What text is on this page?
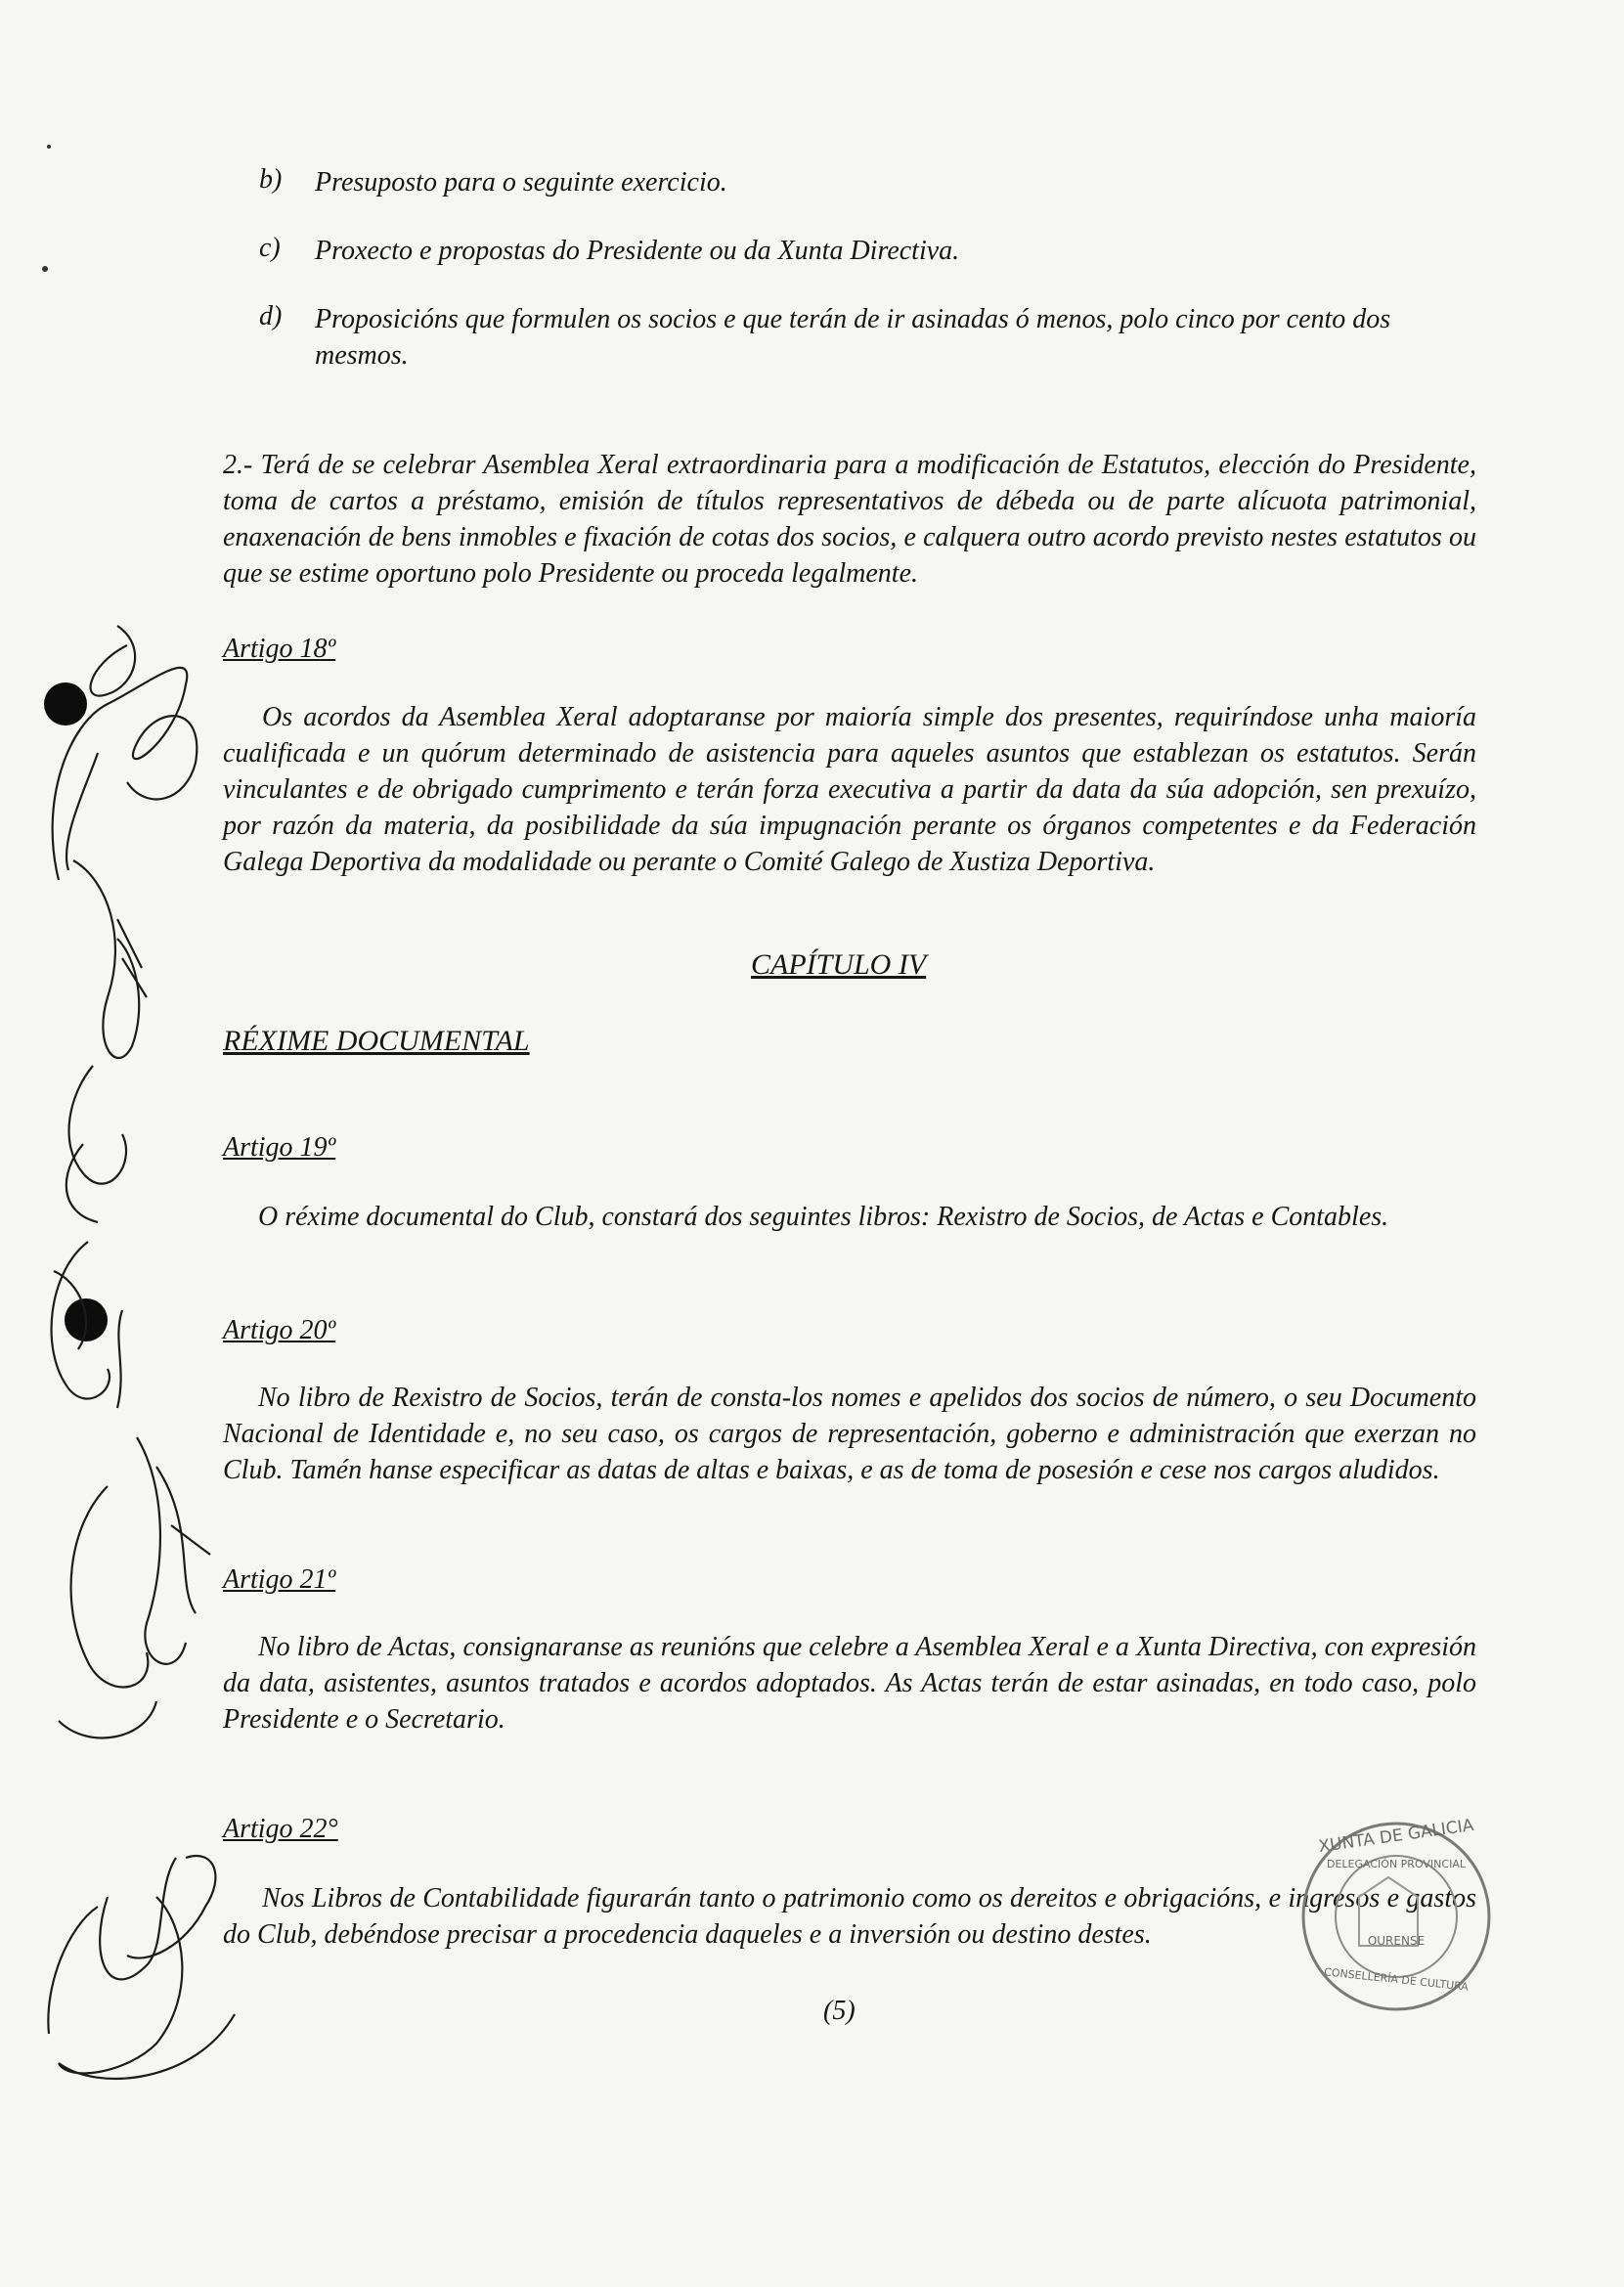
b) Presuposto para o seguinte exercicio.

c) Proxecto e propostas do Presidente ou da Xunta Directiva.

d) Proposicións que formulen os socios e que terán de ir asinadas ó menos, polo cinco por cento dos mesmos.

2.- Terá de se celebrar Asemblea Xeral extraordinaria para a modificación de Estatutos, elección do Presidente, toma de cartos a préstamo, emisión de títulos representativos de débeda ou de parte alícuota patrimonial, enaxenación de bens inmobles e fixación de cotas dos socios, e calquera outro acordo previsto nestes estatutos ou que se estime oportuno polo Presidente ou proceda legalmente.

Artigo 18º

Os acordos da Asemblea Xeral adoptaranse por maioría simple dos presentes, requiríndose unha maioría cualificada e un quórum determinado de asistencia para aqueles asuntos que establezan os estatutos. Serán vinculantes e de obrigado cumprimento e terán forza executiva a partir da data da súa adopción, sen prexuízo, por razón da materia, da posibilidade da súa impugnación perante os órganos competentes e da Federación Galega Deportiva da modalidade ou perante o Comité Galego de Xustiza Deportiva.

CAPÍTULO IV

RÉXIME DOCUMENTAL

Artigo 19º

O réxime documental do Club, constará dos seguintes libros: Rexistro de Socios, de Actas e Contables.

Artigo 20º

No libro de Rexistro de Socios, terán de consta-los nomes e apelidos dos socios de número, o seu Documento Nacional de Identidade e, no seu caso, os cargos de representación, goberno e administración que exerzan no Club. Tamén hanse especificar as datas de altas e baixas, e as de toma de posesión e cese nos cargos aludidos.

Artigo 21º

No libro de Actas, consignaranse as reunións que celebre a Asemblea Xeral e a Xunta Directiva, con expresión da data, asistentes, asuntos tratados e acordos adoptados. As Actas terán de estar asinadas, en todo caso, polo Presidente e o Secretario.

Artigo 22°

Nos Libros de Contabilidade figurarán tanto o patrimonio como os dereitos e obrigacións, e ingresos e gastos do Club, debéndose precisar a procedencia daqueles e a inversión ou destino destes.

(5)

XUNTA DE GALICIA
DELEGACIÓN PROVINCIAL
OURENSE
CONSELLERÍA DE CULTURA
